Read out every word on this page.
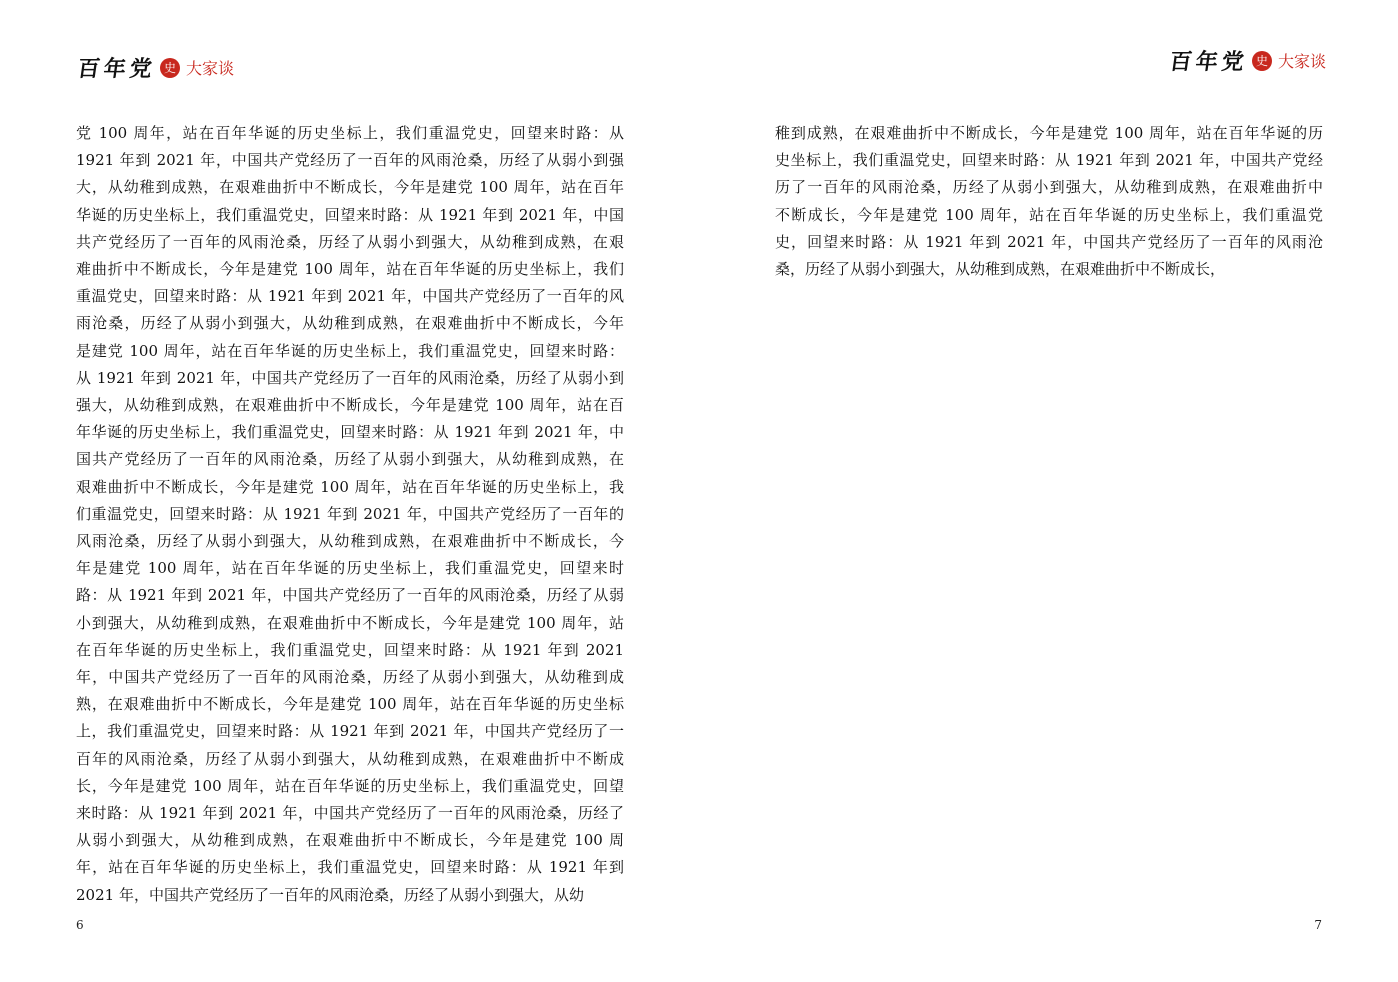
百年党 史 大家谈
党 100 周年，站在百年华诞的历史坐标上，我们重温党史，回望来时路：从
1921 年到 2021 年，中国共产党经历了一百年的风雨沧桑，历经了从弱小到强
大，从幼稚到成熟，在艰难曲折中不断成长，今年是建党 100 周年，站在百年
华诞的历史坐标上，我们重温党史，回望来时路：从 1921 年到 2021 年，中国
共产党经历了一百年的风雨沧桑，历经了从弱小到强大，从幼稚到成熟，在艰
难曲折中不断成长，今年是建党 100 周年，站在百年华诞的历史坐标上，我们
重温党史，回望来时路：从 1921 年到 2021 年，中国共产党经历了一百年的风
雨沧桑，历经了从弱小到强大，从幼稚到成熟，在艰难曲折中不断成长，今年
是建党 100 周年，站在百年华诞的历史坐标上，我们重温党史，回望来时路：
从 1921 年到 2021 年，中国共产党经历了一百年的风雨沧桑，历经了从弱小到
强大，从幼稚到成熟，在艰难曲折中不断成长，今年是建党 100 周年，站在百
年华诞的历史坐标上，我们重温党史，回望来时路：从 1921 年到 2021 年，中
国共产党经历了一百年的风雨沧桑，历经了从弱小到强大，从幼稚到成熟，在
艰难曲折中不断成长，今年是建党 100 周年，站在百年华诞的历史坐标上，我
们重温党史，回望来时路：从 1921 年到 2021 年，中国共产党经历了一百年的
风雨沧桑，历经了从弱小到强大，从幼稚到成熟，在艰难曲折中不断成长，今
年是建党 100 周年，站在百年华诞的历史坐标上，我们重温党史，回望来时
路：从 1921 年到 2021 年，中国共产党经历了一百年的风雨沧桑，历经了从弱
小到强大，从幼稚到成熟，在艰难曲折中不断成长，今年是建党 100 周年，站
在百年华诞的历史坐标上，我们重温党史，回望来时路：从 1921 年到 2021
年，中国共产党经历了一百年的风雨沧桑，历经了从弱小到强大，从幼稚到成
熟，在艰难曲折中不断成长，今年是建党 100 周年，站在百年华诞的历史坐标
上，我们重温党史，回望来时路：从 1921 年到 2021 年，中国共产党经历了一
百年的风雨沧桑，历经了从弱小到强大，从幼稚到成熟，在艰难曲折中不断成
长，今年是建党 100 周年，站在百年华诞的历史坐标上，我们重温党史，回望
来时路：从 1921 年到 2021 年，中国共产党经历了一百年的风雨沧桑，历经了
从弱小到强大，从幼稚到成熟，在艰难曲折中不断成长，今年是建党 100 周
年，站在百年华诞的历史坐标上，我们重温党史，回望来时路：从 1921 年到
2021 年，中国共产党经历了一百年的风雨沧桑，历经了从弱小到强大，从幼
6
百年党 史 大家谈
稚到成熟，在艰难曲折中不断成长，今年是建党 100 周年，站在百年华诞的历
史坐标上，我们重温党史，回望来时路：从 1921 年到 2021 年，中国共产党经
历了一百年的风雨沧桑，历经了从弱小到强大，从幼稚到成熟，在艰难曲折中
不断成长，今年是建党 100 周年，站在百年华诞的历史坐标上，我们重温党
史，回望来时路：从 1921 年到 2021 年，中国共产党经历了一百年的风雨沧
桑，历经了从弱小到强大，从幼稚到成熟，在艰难曲折中不断成长，
7
